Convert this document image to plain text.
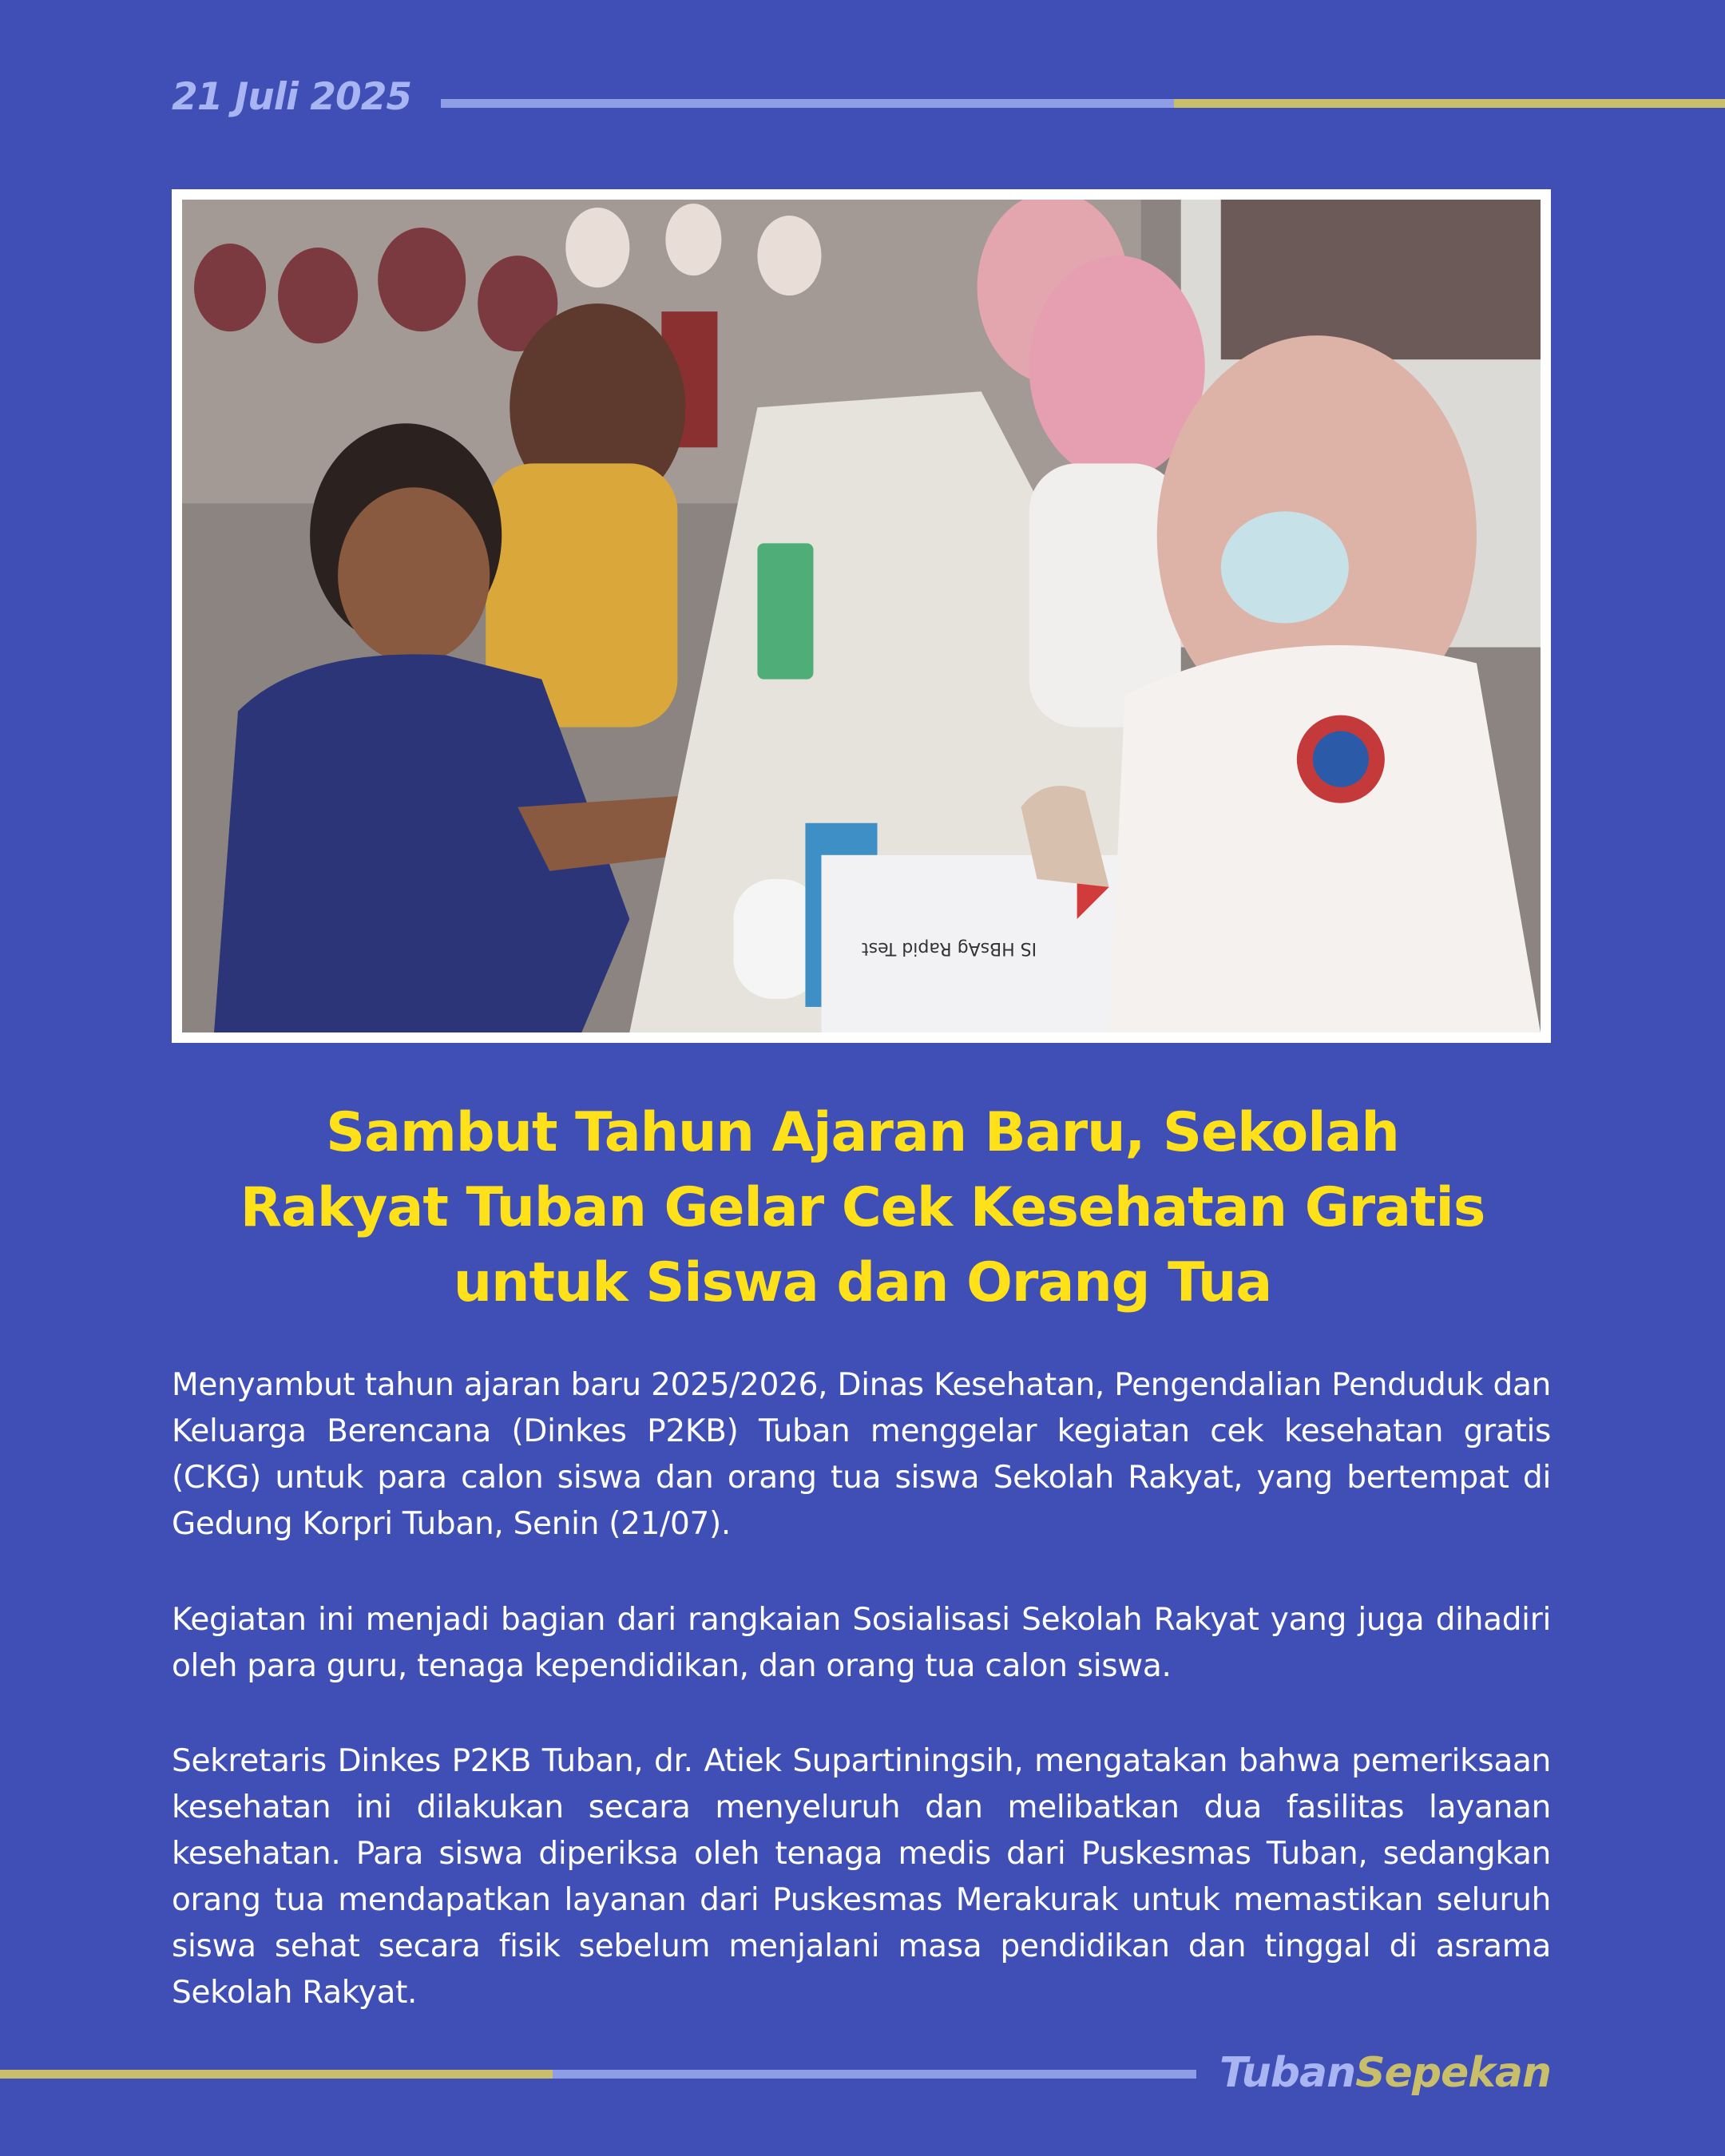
21 Juli 2025
IS HBsAg Rapid Test
Sambut Tahun Ajaran Baru, Sekolah
Rakyat Tuban Gelar Cek Kesehatan Gratis
untuk Siswa dan Orang Tua

Menyambut tahun ajaran baru 2025/2026, Dinas Kesehatan, Pengendalian Penduduk dan Keluarga Berencana (Dinkes P2KB) Tuban menggelar kegiatan cek kesehatan gratis (CKG) untuk para calon siswa dan orang tua siswa Sekolah Rakyat, yang bertempat di Gedung Korpri Tuban, Senin (21/07).

Kegiatan ini menjadi bagian dari rangkaian Sosialisasi Sekolah Rakyat yang juga dihadiri oleh para guru, tenaga kependidikan, dan orang tua calon siswa.

Sekretaris Dinkes P2KB Tuban, dr. Atiek Supartiningsih, mengatakan bahwa pemeriksaan kesehatan ini dilakukan secara menyeluruh dan melibatkan dua fasilitas layanan kesehatan. Para siswa diperiksa oleh tenaga medis dari Puskesmas Tuban, sedangkan orang tua mendapatkan layanan dari Puskesmas Merakurak untuk memastikan seluruh siswa sehat secara fisik sebelum menjalani masa pendidikan dan tinggal di asrama Sekolah Rakyat.

TubanSepekan
